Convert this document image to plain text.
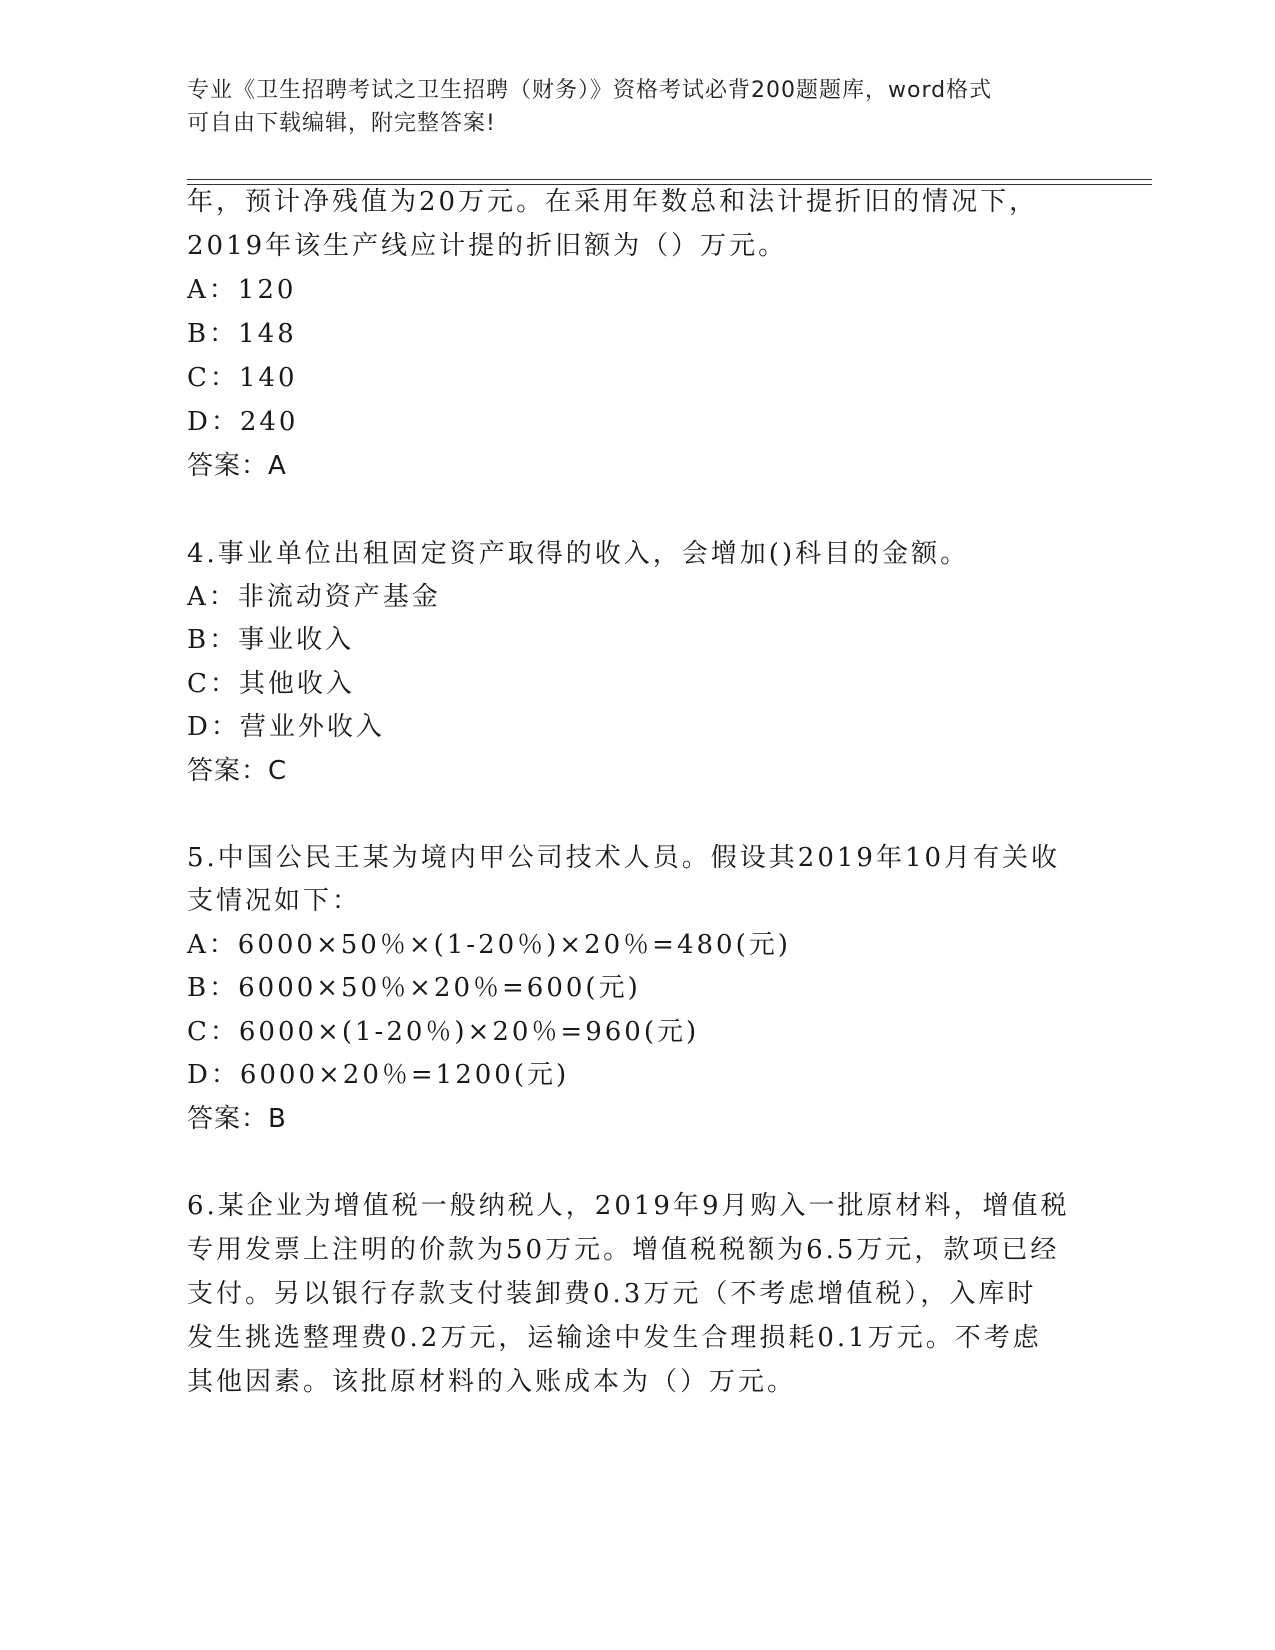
专业《卫生招聘考试之卫生招聘（财务）》资格考试必背200题题库，word格式
可自由下载编辑，附完整答案!
年，预计净残值为20万元。在采用年数总和法计提折旧的情况下，
2019年该生产线应计提的折旧额为（）万元。
A：120
B：148
C：140
D：240
答案：A
4.事业单位出租固定资产取得的收入，会增加()科目的金额。
A：非流动资产基金
B：事业收入
C：其他收入
D：营业外收入
答案：C
5.中国公民王某为境内甲公司技术人员。假设其2019年10月有关收
支情况如下：
A：6000×50％×(1-20％)×20％=480(元)
B：6000×50％×20％=600(元)
C：6000×(1-20％)×20％=960(元)
D：6000×20％=1200(元)
答案：B
6.某企业为增值税一般纳税人，2019年9月购入一批原材料，增值税
专用发票上注明的价款为50万元。增值税税额为6.5万元，款项已经
支付。另以银行存款支付装卸费0.3万元（不考虑增值税），入库时
发生挑选整理费0.2万元，运输途中发生合理损耗0.1万元。不考虑
其他因素。该批原材料的入账成本为（）万元。
